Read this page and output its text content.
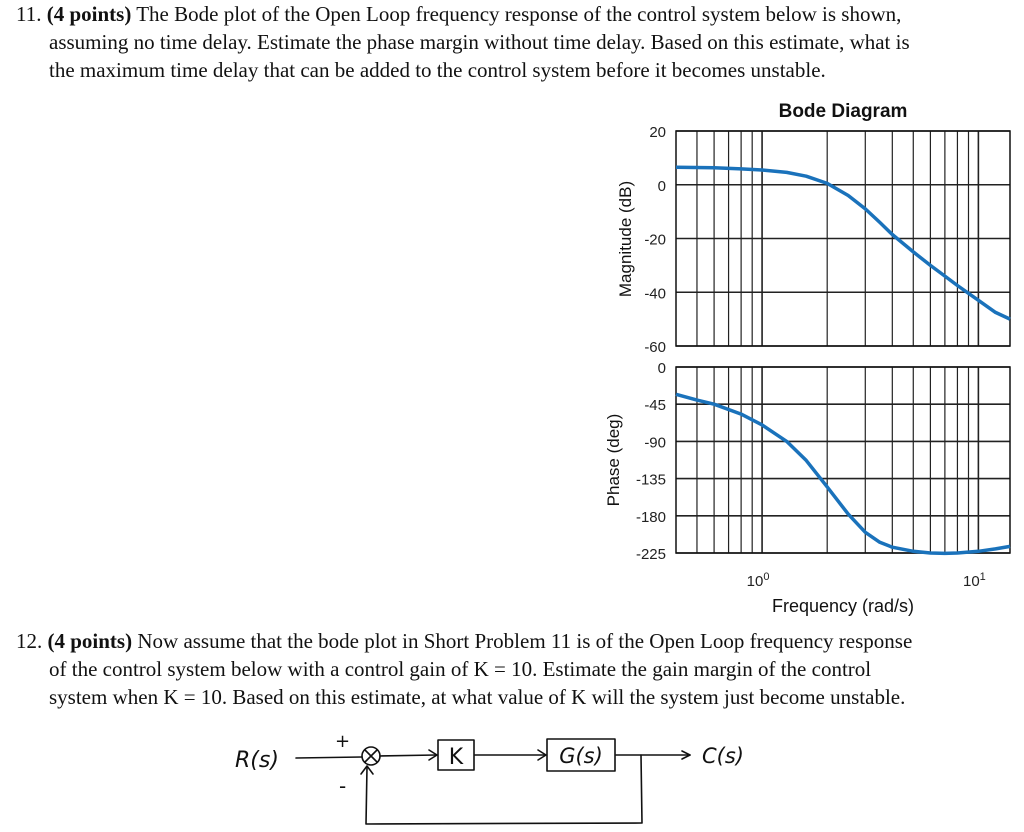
11. (4 points) The Bode plot of the Open Loop frequency response of the control system below is shown,
assuming no time delay. Estimate the phase margin without time delay. Based on this estimate, what is
the maximum time delay that can be added to the control system before it becomes unstable.
Bode Diagram
20
0
-20
-40
-60
0
-45
-90
-135
-180
-225
Magnitude (dB)
Phase (deg)
$10^0$	$10^1$
Frequency (rad/s)
12. (4 points) Now assume that the bode plot in Short Problem 11 is of the Open Loop frequency response
of the control system below with a control gain of K = 10. Estimate the gain margin of the control
system when K = 10. Based on this estimate, at what value of K will the system just become unstable.
R(s)
+
-
K	G(s)	C(s)
